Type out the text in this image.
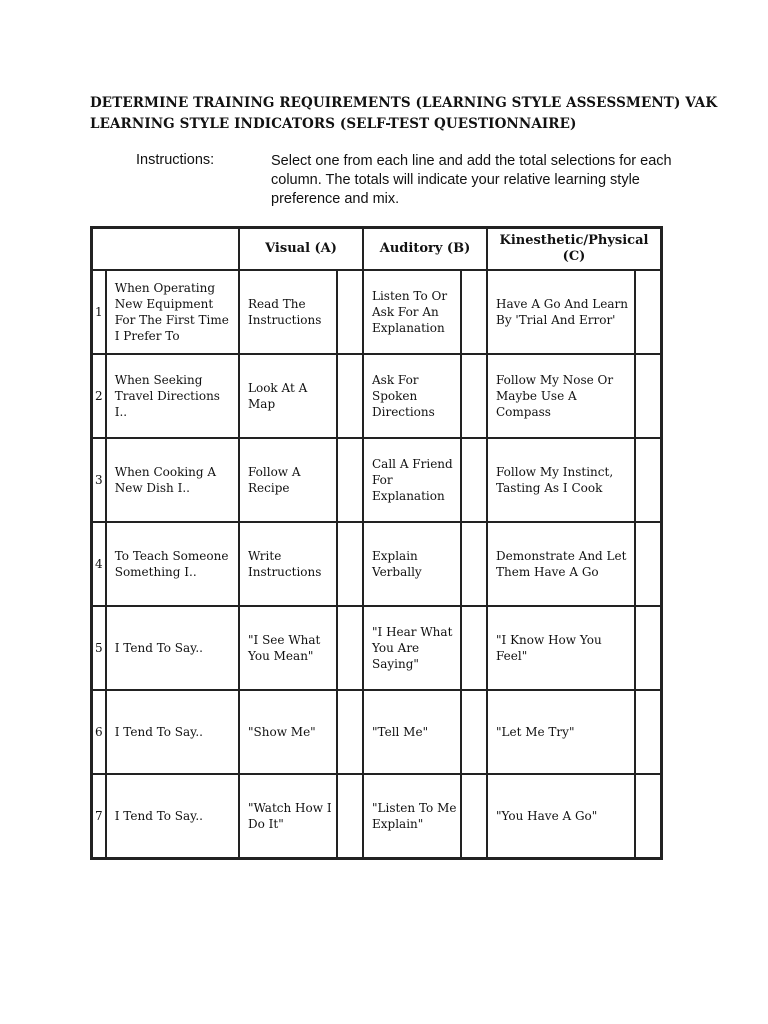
DETERMINE TRAINING REQUIREMENTS (LEARNING STYLE ASSESSMENT) VAK
LEARNING STYLE INDICATORS (SELF-TEST QUESTIONNAIRE)
Instructions:	Select one from each line and add the total selections for each column. The totals will indicate your relative learning style preference and mix.
		Visual (A)		Auditory (B)		Kinesthetic/Physical (C)	
1	When Operating New Equipment For The First Time I Prefer To	Read The Instructions		Listen To Or Ask For An Explanation		Have A Go And Learn By 'Trial And Error'	
2	When Seeking Travel Directions I..	Look At A Map		Ask For Spoken Directions		Follow My Nose Or Maybe Use A Compass	
3	When Cooking A New Dish I..	Follow A Recipe		Call A Friend For Explanation		Follow My Instinct, Tasting As I Cook	
4	To Teach Someone Something I..	Write Instructions		Explain Verbally		Demonstrate And Let Them Have A Go	
5	I Tend To Say..	"I See What You Mean"		"I Hear What You Are Saying"		"I Know How You Feel"	
6	I Tend To Say..	"Show Me"		"Tell Me"		"Let Me Try"	
7	I Tend To Say..	"Watch How I Do It"		"Listen To Me Explain"		"You Have A Go"	
